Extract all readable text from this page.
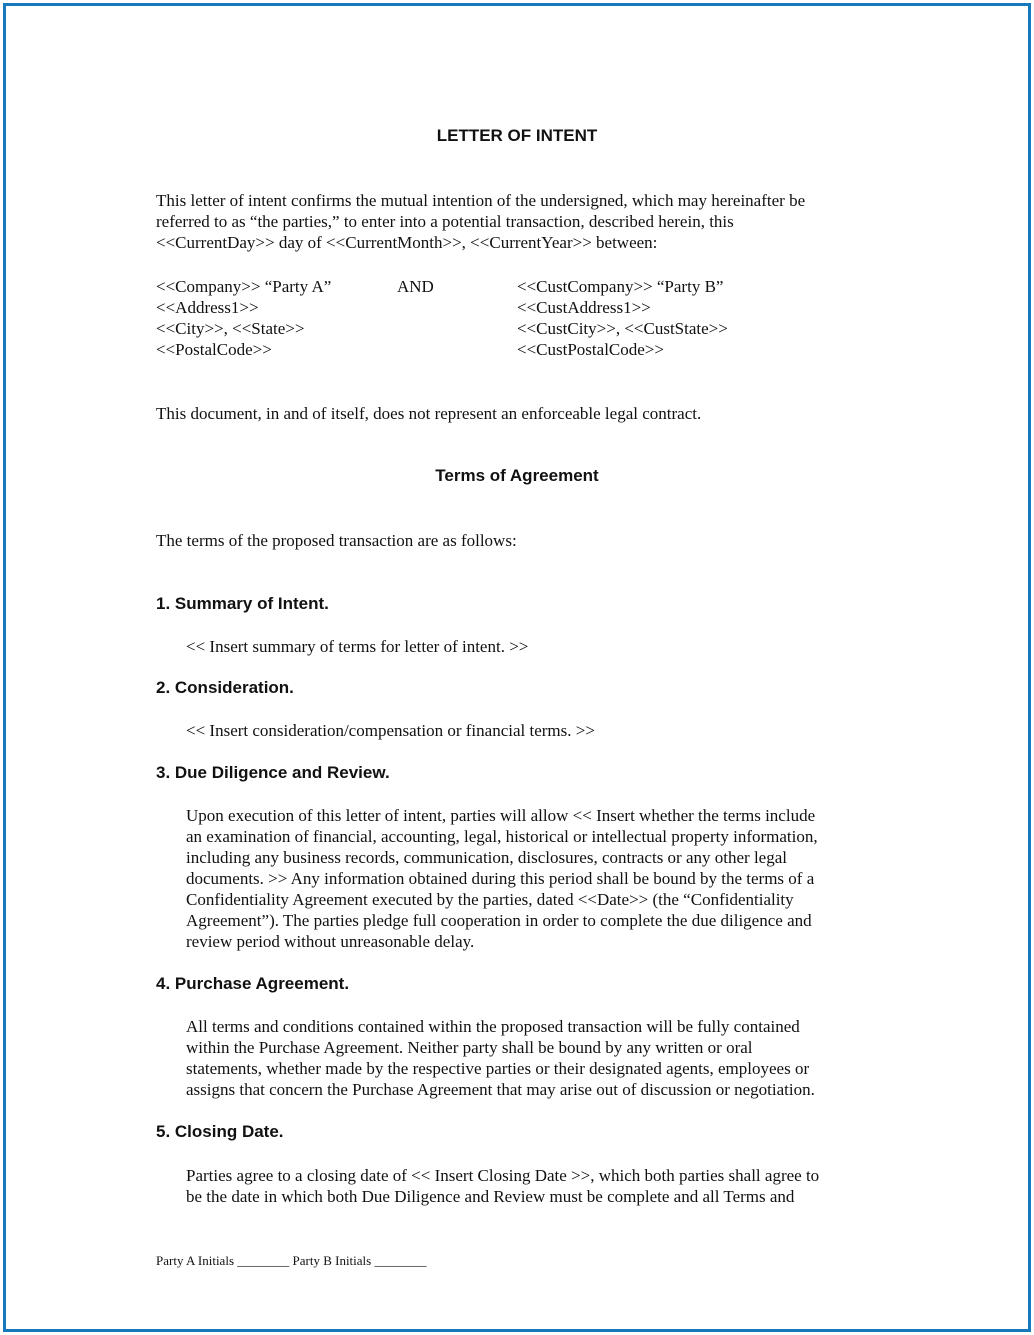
LETTER OF INTENT
This letter of intent confirms the mutual intention of the undersigned, which may hereinafter be
referred to as “the parties,” to enter into a potential transaction, described herein, this
<<CurrentDay>> day of <<CurrentMonth>>, <<CurrentYear>> between:
<<Company>> “Party A”
<<Address1>>
<<City>>, <<State>>
<<PostalCode>>
AND	<<CustCompany>> “Party B”
<<CustAddress1>>
<<CustCity>>, <<CustState>>
<<CustPostalCode>>
This document, in and of itself, does not represent an enforceable legal contract.
Terms of Agreement
The terms of the proposed transaction are as follows:
1. Summary of Intent.
<< Insert summary of terms for letter of intent. >>
2. Consideration.
<< Insert consideration/compensation or financial terms. >>
3. Due Diligence and Review.
Upon execution of this letter of intent, parties will allow << Insert whether the terms include
an examination of financial, accounting, legal, historical or intellectual property information,
including any business records, communication, disclosures, contracts or any other legal
documents. >> Any information obtained during this period shall be bound by the terms of a
Confidentiality Agreement executed by the parties, dated <<Date>> (the “Confidentiality
Agreement”). The parties pledge full cooperation in order to complete the due diligence and
review period without unreasonable delay.
4. Purchase Agreement.
All terms and conditions contained within the proposed transaction will be fully contained
within the Purchase Agreement. Neither party shall be bound by any written or oral
statements, whether made by the respective parties or their designated agents, employees or
assigns that concern the Purchase Agreement that may arise out of discussion or negotiation.
5. Closing Date.
Parties agree to a closing date of << Insert Closing Date >>, which both parties shall agree to
be the date in which both Due Diligence and Review must be complete and all Terms and
Party A Initials ________ Party B Initials ________
